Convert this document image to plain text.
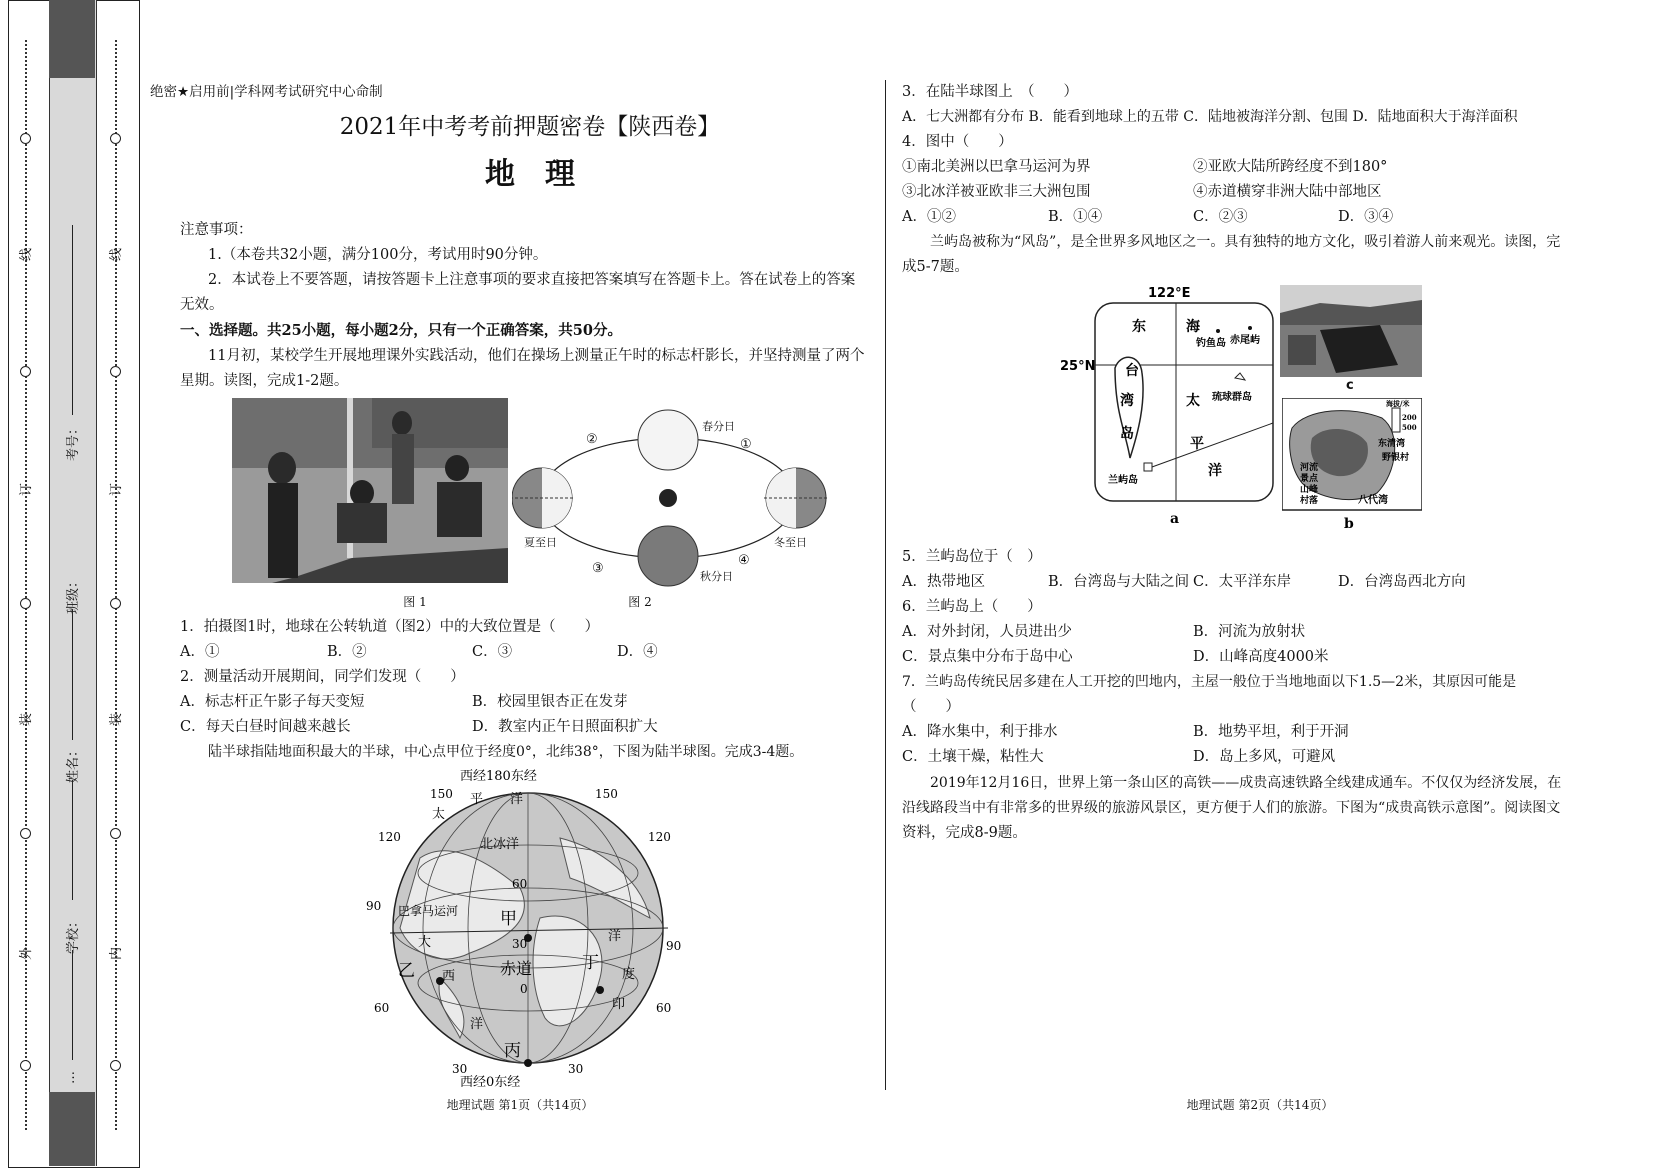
线
订
装
外
考号：
班级：
姓名：
学校：
…
线
订
装
内
绝密★启用前|学科网考试研究中心命制
2021年中考考前押题密卷【陕西卷】
地　理
注意事项：
1.（本卷共32小题，满分100分，考试用时90分钟。
2．本试卷上不要答题，请按答题卡上注意事项的要求直接把答案填写在答题卡上。答在试卷上的答案
无效。
一、选择题。共25小题，每小题2分，只有一个正确答案，共50分。
11月初，某校学生开展地理课外实践活动，他们在操场上测量正午时的标志杆影长，并坚持测量了两个
星期。读图，完成1-2题。
图 1
春分日
夏至日	冬至日
秋分日
①
②
③
④
图 2
1．拍摄图1时，地球在公转轨道（图2）中的大致位置是（　　）
A．①	B．②	C．③	D．④
2．测量活动开展期间，同学们发现（　　）
A．标志杆正午影子每天变短	B．校园里银杏正在发芽
C．每天白昼时间越来越长	D．教室内正午日照面积扩大
陆半球指陆地面积最大的半球，中心点甲位于经度0°，北纬38°，下图为陆半球图。完成3-4题。
西经180东经
西经0东经
150	150
120	120
90
90
60	60
30	30
60
30
0
太
平 洋
北冰洋
巴拿马运河
大
西
洋
洋
度
印
赤道
甲
乙
丙
丁
地理试题 第1页（共14页）
3．在陆半球图上　（　　）
A．七大洲都有分布 B．能看到地球上的五带 C．陆地被海洋分割、包围 D．陆地面积大于海洋面积
4．图中（　　）
①南北美洲以巴拿马运河为界	②亚欧大陆所跨经度不到180°
③北冰洋被亚欧非三大洲包围	④赤道横穿非洲大陆中部地区
A．①②	B．①④	C．②③	D．③④
兰屿岛被称为“风岛”，是全世界多风地区之一。具有独特的地方文化，吸引着游人前来观光。读图，完
成5-7题。
122°E
25°N
东	海
钓鱼岛 赤尾屿
台
湾
岛
太 琉球群岛
平
洋
兰屿岛
a
c
海拔/米
200
500
东清湾
野银村
河流
景点
山峰
村落	八代湾
b
5．兰屿岛位于（　）
A．热带地区	B．台湾岛与大陆之间 C．太平洋东岸	D．台湾岛西北方向
6．兰屿岛上（　　）
A．对外封闭，人员进出少	B．河流为放射状
C．景点集中分布于岛中心	D．山峰高度4000米
7．兰屿岛传统民居多建在人工开挖的凹地内，主屋一般位于当地地面以下1.5—2米，其原因可能是
（　　）
A．降水集中，利于排水	B．地势平坦，利于开洞
C．土壤干燥，粘性大	D．岛上多风，可避风
2019年12月16日，世界上第一条山区的高铁——成贵高速铁路全线建成通车。不仅仅为经济发展，在
沿线路段当中有非常多的世界级的旅游风景区，更方便于人们的旅游。下图为“成贵高铁示意图”。阅读图文
资料，完成8-9题。
地理试题 第2页（共14页）
